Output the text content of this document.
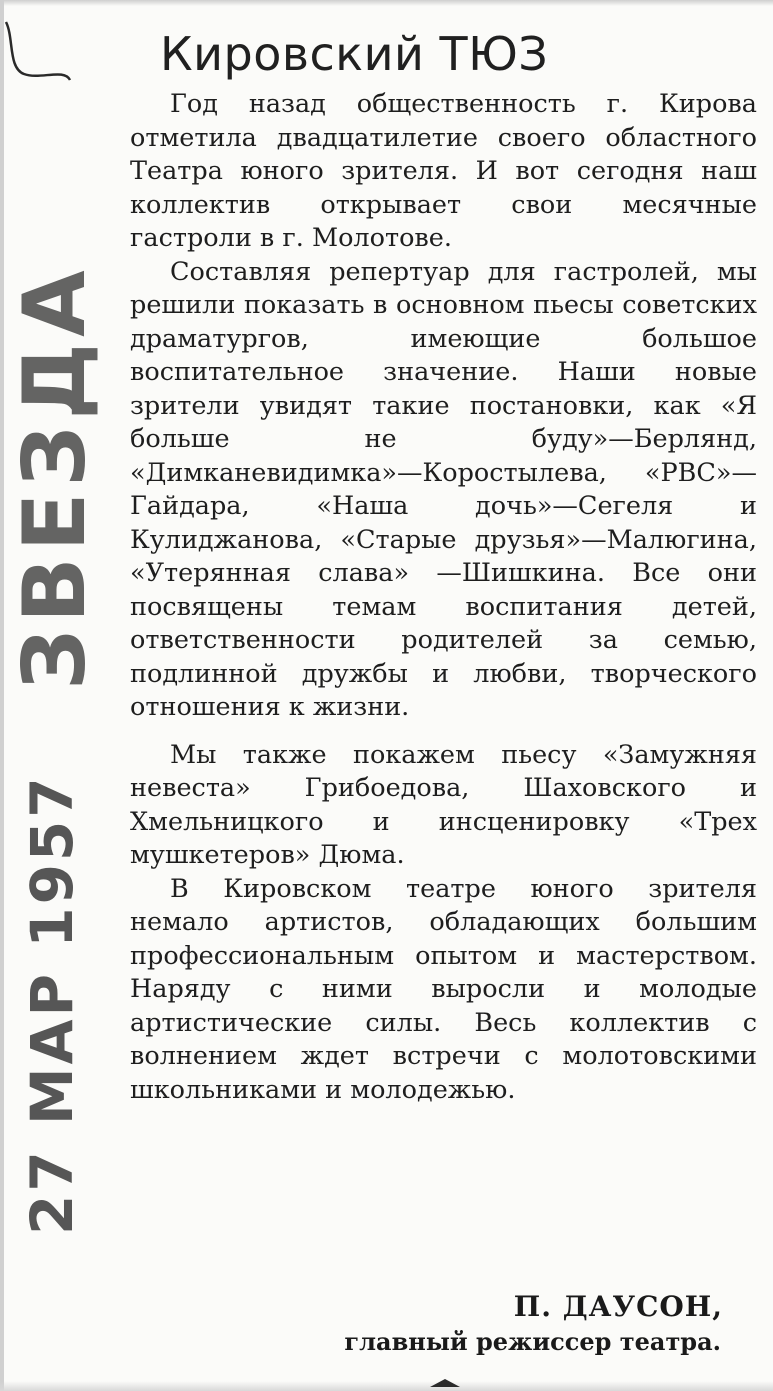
ЗВЕЗДА
27 МАР 1957
Кировский ТЮЗ

Год назад общественность г. Кирова отметила двадцатилетие своего областного Театра юного зрителя. И вот сегодня наш коллектив открывает свои месячные гастроли в г. Молотове.

Составляя репертуар для гастролей, мы решили показать в основном пьесы советских драматургов, имеющие большое воспитательное значение. Наши новые зрители увидят такие постановки, как «Я больше не буду»—Берлянд, «Димканевидимка»—Коростылева, «РВС»—Гайдара, «Наша дочь»—Сегеля и Кулиджанова, «Старые друзья»—Малюгина, «Утерянная слава» —Шишкина. Все они посвящены темам воспитания детей, ответственности родителей за семью, подлинной дружбы и любви, творческого отношения к жизни.

Мы также покажем пьесу «Замужняя невеста» Грибоедова, Шаховского и Хмельницкого и инсценировку «Трех мушкетеров» Дюма.

В Кировском театре юного зрителя немало артистов, обладающих большим профессиональным опытом и мастерством. Наряду с ними выросли и молодые артистические силы. Весь коллектив с волнением ждет встречи с молотовскими школьниками и молодежью.

П. ДАУСОН,
главный режиссер театра.
